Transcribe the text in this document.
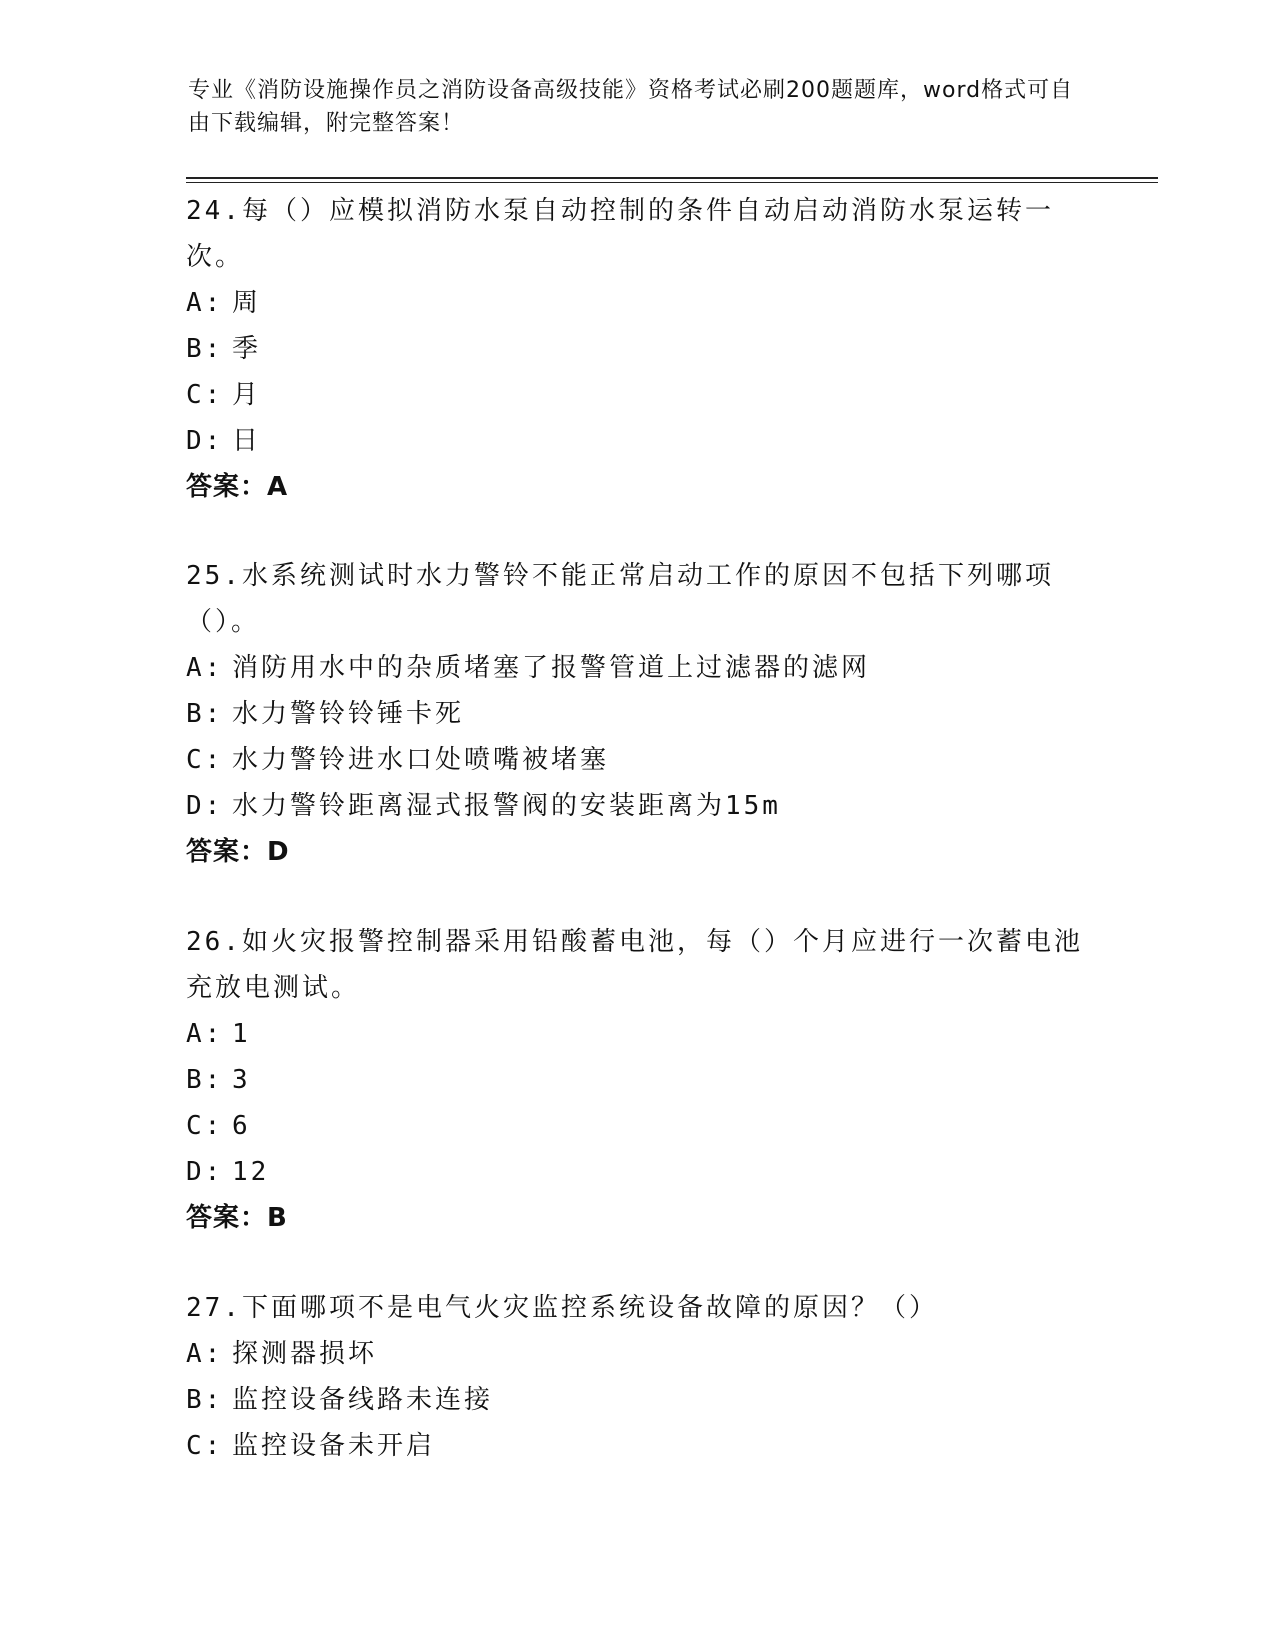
专业《消防设施操作员之消防设备高级技能》资格考试必刷200题题库，word格式可自由下载编辑，附完整答案！
24.每（）应模拟消防水泵自动控制的条件自动启动消防水泵运转一次。
A: 周
B: 季
C: 月
D: 日
答案：A
25.水系统测试时水力警铃不能正常启动工作的原因不包括下列哪项（）。
A: 消防用水中的杂质堵塞了报警管道上过滤器的滤网
B: 水力警铃铃锤卡死
C: 水力警铃进水口处喷嘴被堵塞
D: 水力警铃距离湿式报警阀的安装距离为15m
答案：D
26.如火灾报警控制器采用铅酸蓄电池，每（）个月应进行一次蓄电池充放电测试。
A: 1
B: 3
C: 6
D: 12
答案：B
27.下面哪项不是电气火灾监控系统设备故障的原因？（）
A: 探测器损坏
B: 监控设备线路未连接
C: 监控设备未开启
